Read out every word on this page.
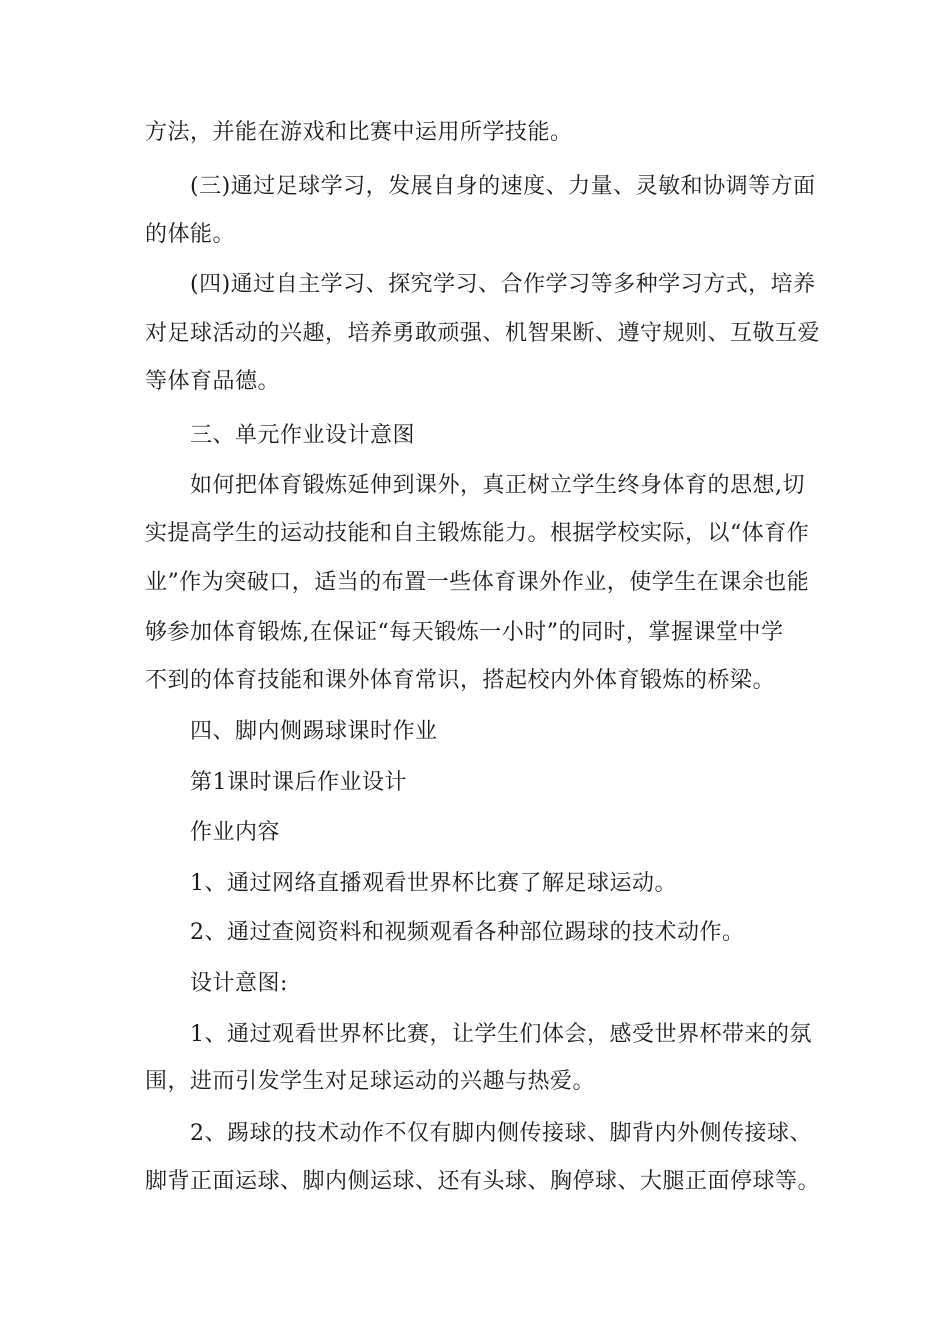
方法，并能在游戏和比赛中运用所学技能。
(三)通过足球学习，发展自身的速度、力量、灵敏和协调等方面
的体能。
(四)通过自主学习、探究学习、合作学习等多种学习方式，培养
对足球活动的兴趣，培养勇敢顽强、机智果断、遵守规则、互敬互爱
等体育品德。
三、单元作业设计意图
如何把体育锻炼延伸到课外，真正树立学生终身体育的思想,切
实提高学生的运动技能和自主锻炼能力。根据学校实际，以“体育作
业”作为突破口，适当的布置一些体育课外作业，使学生在课余也能
够参加体育锻炼,在保证“每天锻炼一小时”的同时，掌握课堂中学
不到的体育技能和课外体育常识，搭起校内外体育锻炼的桥梁。
四、脚内侧踢球课时作业
第1课时课后作业设计
作业内容
1、通过网络直播观看世界杯比赛了解足球运动。
2、通过查阅资料和视频观看各种部位踢球的技术动作。
设计意图:
1、通过观看世界杯比赛，让学生们体会，感受世界杯带来的氛
围，进而引发学生对足球运动的兴趣与热爱。
2、踢球的技术动作不仅有脚内侧传接球、脚背内外侧传接球、
脚背正面运球、脚内侧运球、还有头球、胸停球、大腿正面停球等。
